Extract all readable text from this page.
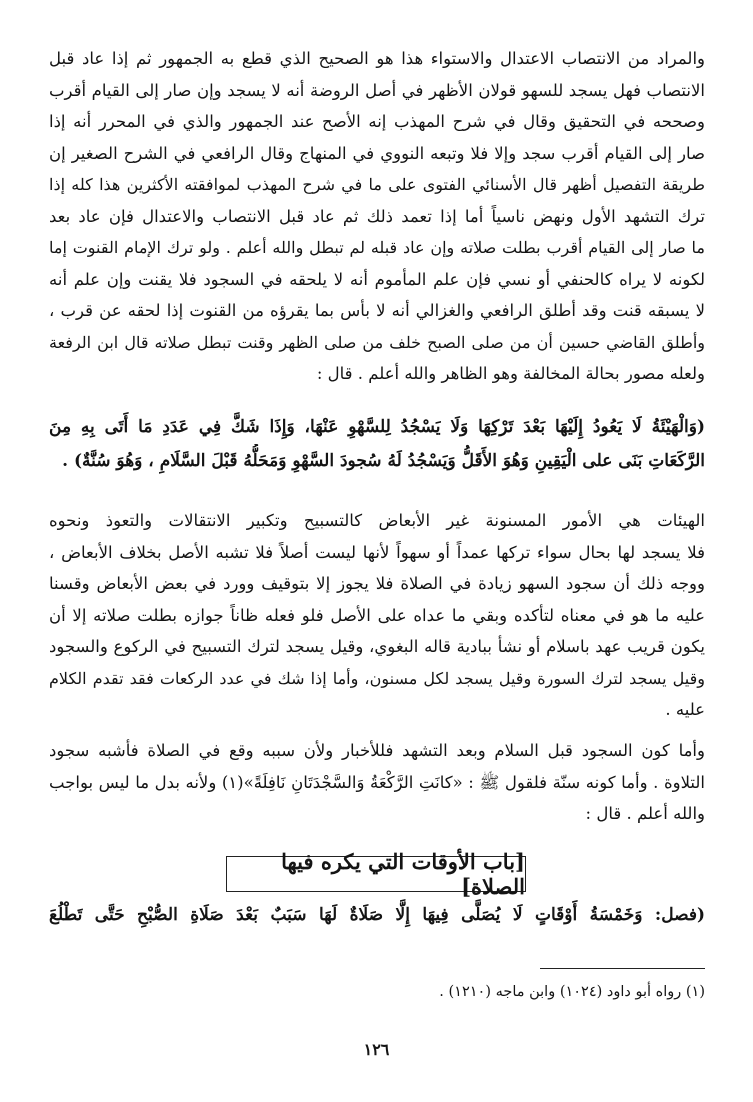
والمراد من الانتصاب الاعتدال والاستواء هذا هو الصحيح الذي قطع به الجمهور ثم إذا عاد قبل
الانتصاب فهل يسجد للسهو قولان الأظهر في أصل الروضة أنه لا يسجد وإن صار إلى القيام أقرب
وصححه في التحقيق وقال في شرح المهذب إنه الأصح عند الجمهور والذي في المحرر أنه إذا
صار إلى القيام أقرب سجد وإلا فلا وتبعه النووي في المنهاج وقال الرافعي في الشرح الصغير إن
طريقة التفصيل أظهر قال الأسنائي الفتوى على ما في شرح المهذب لموافقته الأكثرين هذا كله إذا
ترك التشهد الأول ونهض ناسياً أما إذا تعمد ذلك ثم عاد قبل الانتصاب والاعتدال فإن عاد بعد
ما صار إلى القيام أقرب بطلت صلاته وإن عاد قبله لم تبطل والله أعلم . ولو ترك الإمام القنوت إما
لكونه لا يراه كالحنفي أو نسي فإن علم المأموم أنه لا يلحقه في السجود فلا يقنت وإن علم أنه
لا يسبقه قنت وقد أطلق الرافعي والغزالي أنه لا بأس بما يقرؤه من القنوت إذا لحقه عن قرب ،
وأطلق القاضي حسين أن من صلى الصبح خلف من صلى الظهر وقنت تبطل صلاته قال ابن الرفعة
ولعله مصور بحالة المخالفة وهو الظاهر والله أعلم . قال :
(وَالْهَيْئَةُ لَا يَعُودُ إِلَيْهَا بَعْدَ تَرْكِهَا وَلَا يَسْجُدُ لِلسَّهْوِ عَنْهَا، وَإِذَا شَكَّ فِي عَدَدِ مَا أَتَى بِهِ مِنَ
الرَّكَعَاتِ بَنَى على الْيَقِينِ وَهُوَ الأَقَلُّ وَيَسْجُدُ لَهُ سُجودَ السَّهْوِ وَمَحَلُّهُ قَبْلَ السَّلَامِ ، وَهُوَ سُنَّةٌ) .
الهيئات هي الأمور المسنونة غير الأبعاض كالتسبيح وتكبير الانتقالات والتعوذ ونحوه
فلا يسجد لها بحال سواء تركها عمداً أو سهواً لأنها ليست أصلاً فلا تشبه الأصل بخلاف الأبعاض ،
ووجه ذلك أن سجود السهو زيادة في الصلاة فلا يجوز إلا بتوقيف وورد في بعض الأبعاض وقسنا
عليه ما هو في معناه لتأكده وبقي ما عداه على الأصل فلو فعله ظاناً جوازه بطلت صلاته إلا أن
يكون قريب عهد باسلام أو نشأ ببادية قاله البغوي، وقيل يسجد لترك التسبيح في الركوع والسجود
وقيل يسجد لترك السورة وقيل يسجد لكل مسنون، وأما إذا شك في عدد الركعات فقد تقدم الكلام
عليه .
وأما كون السجود قبل السلام وبعد التشهد فللأخبار ولأن سببه وقع في الصلاة فأشبه سجود
التلاوة . وأما كونه سنّة فلقول ﷺ : «كانَتِ الرَّكْعَةُ وَالسَّجْدَتَانِ نَافِلَةً»(١) ولأنه بدل ما ليس بواجب
والله أعلم . قال :
[باب الأوقات التي يكره فيها الصلاة]
(فصل: وَخَمْسَةُ أَوْقَاتٍ لَا يُصَلَّى فِيهَا إِلَّا صَلَاةٌ لَهَا سَبَبٌ بَعْدَ صَلَاةِ الصُّبْحِ حَتَّى تَطْلُعَ
(١) رواه أبو داود (١٠٢٤) وابن ماجه (١٢١٠) .
١٢٦
